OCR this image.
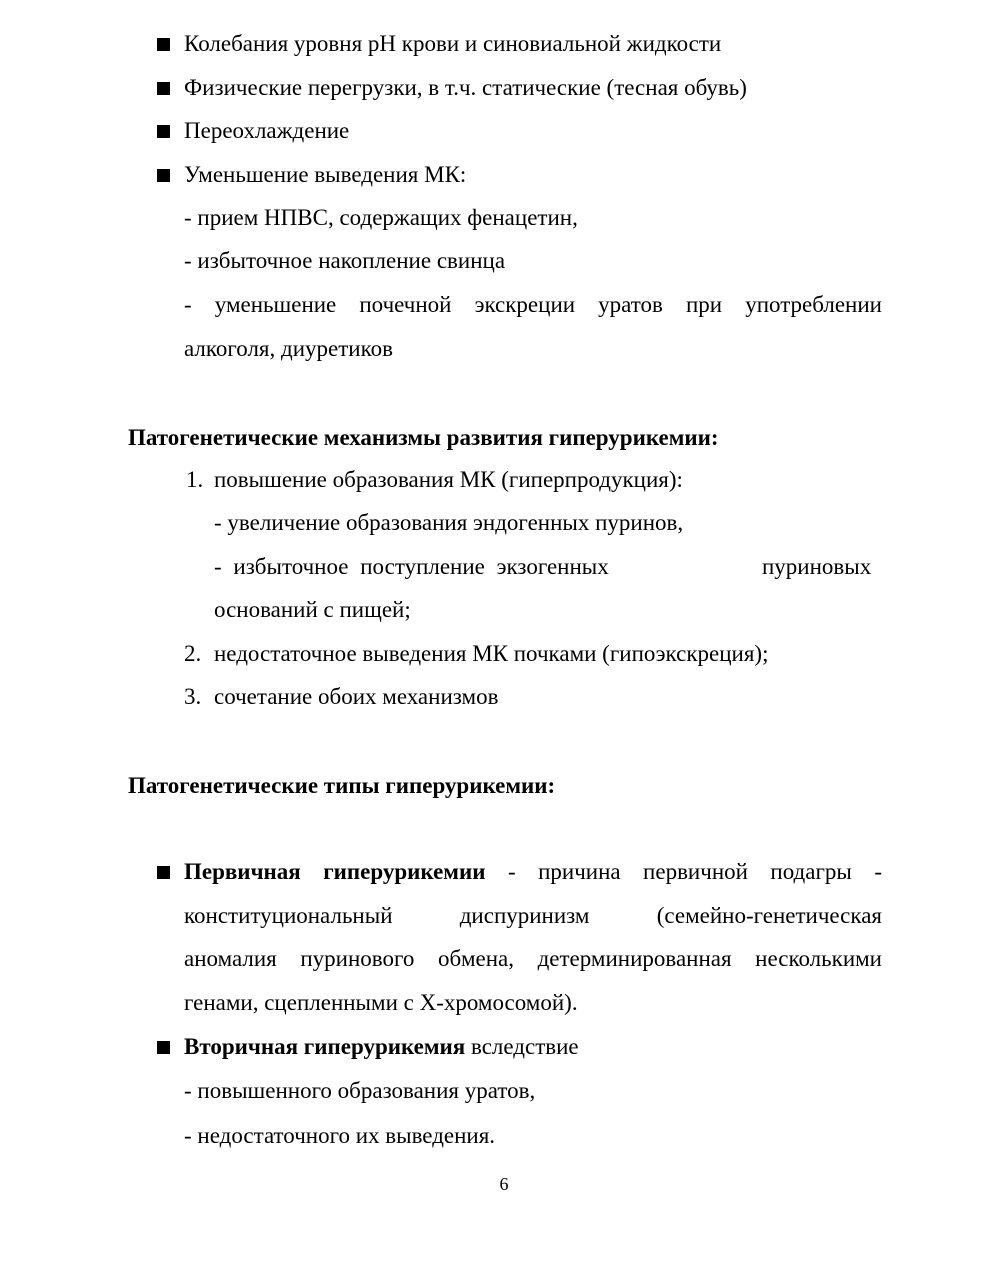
Колебания уровня pH крови и синовиальной жидкости
Физические перегрузки, в т.ч. статические (тесная обувь)
Переохлаждение
Уменьшение выведения МК:
- прием НПВС, содержащих фенацетин,
- избыточное накопление свинца
- уменьшение почечной экскреции уратов при употреблении
алкоголя, диуретиков
Патогенетические механизмы развития гиперурикемии:
1. повышение образования МК (гиперпродукция):
- увеличение образования эндогенных пуринов,
- избыточное поступление экзогенных	пуриновых
оснований с пищей;
2. недостаточное выведения МК почками (гипоэкскреция);
3. сочетание обоих механизмов
Патогенетические типы гиперурикемии:
Первичная гиперурикемии - причина первичной подагры -
конституциональный диспуринизм (семейно-генетическая
аномалия пуринового обмена, детерминированная несколькими
генами, сцепленными с Х-хромосомой).
Вторичная гиперурикемия вследствие
- повышенного образования уратов,
- недостаточного их выведения.
6
